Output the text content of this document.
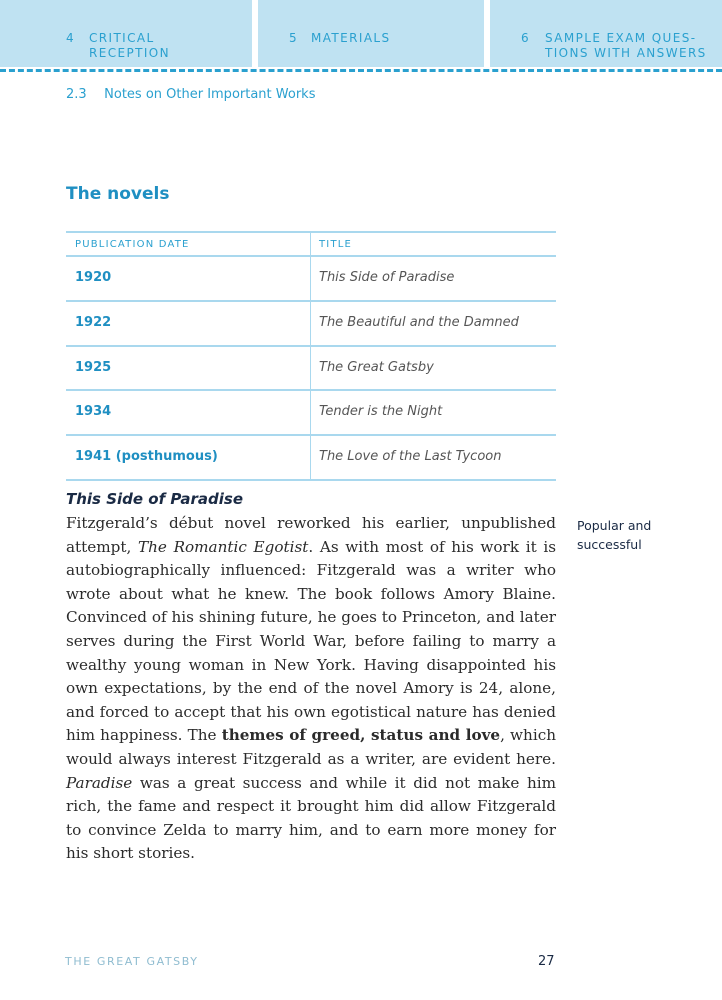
4 CRITICAL
RECEPTION
5 MATERIALS	6 SAMPLE EXAM QUES-
TIONS WITH ANSWERS
2.3 Notes on Other Important Works
The novels
PUBLICATION DATE	TITLE
1920	This Side of Paradise
1922	The Beautiful and the Damned
1925	The Great Gatsby
1934	Tender is the Night
1941 (posthumous)	The Love of the Last Tycoon
This Side of Paradise

Fitzgerald’s début novel reworked his earlier, unpublished attempt, The Romantic Egotist. As with most of his work it is autobiographically influenced: Fitzgerald was a writer who wrote about what he knew. The book follows Amory Blaine. Convinced of his shining future, he goes to Princeton, and later serves during the First World War, before failing to marry a wealthy young woman in New York. Having disappointed his own expectations, by the end of the novel Amory is 24, alone, and forced to accept that his own egotistical nature has denied him happiness. The themes of greed, status and love, which would always interest Fitzgerald as a writer, are evident here. Paradise was a great success and while it did not make him rich, the fame and respect it brought him did allow Fitzgerald to convince Zelda to marry him, and to earn more money for his short stories.

Popular and successful
THE GREAT GATSBY	27
